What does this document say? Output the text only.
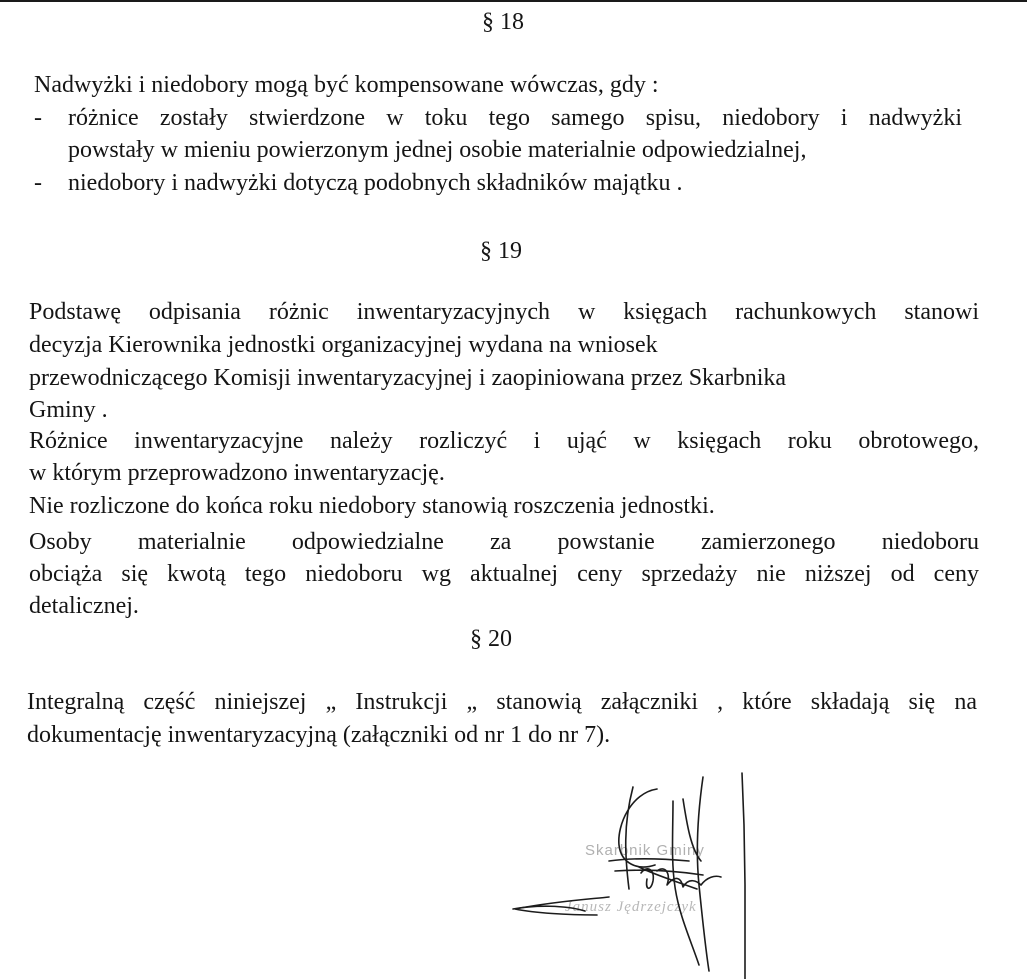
§ 18
Nadwyżki i niedobory mogą być kompensowane wówczas, gdy :
- różnice zostały stwierdzone w toku tego samego spisu, niedobory i nadwyżki
powstały w mieniu powierzonym jednej osobie materialnie odpowiedzialnej,
- niedobory i nadwyżki dotyczą podobnych składników majątku .
§ 19
Podstawę odpisania różnic inwentaryzacyjnych w księgach rachunkowych stanowi
decyzja Kierownika jednostki organizacyjnej wydana na wniosek
przewodniczącego Komisji inwentaryzacyjnej i zaopiniowana przez Skarbnika
Gminy .
Różnice inwentaryzacyjne należy rozliczyć i ująć w księgach roku obrotowego,
w którym przeprowadzono inwentaryzację.
Nie rozliczone do końca roku niedobory stanowią roszczenia jednostki.
Osoby materialnie odpowiedzialne za powstanie zamierzonego niedoboru
obciąża się kwotą tego niedoboru wg aktualnej ceny sprzedaży nie niższej od ceny
detalicznej.
§ 20
Integralną część niniejszej „ Instrukcji „ stanowią załączniki , które składają się na
dokumentację inwentaryzacyjną (załączniki od nr 1 do nr 7).
Skarbnik Gminy
Janusz Jędrzejczyk
